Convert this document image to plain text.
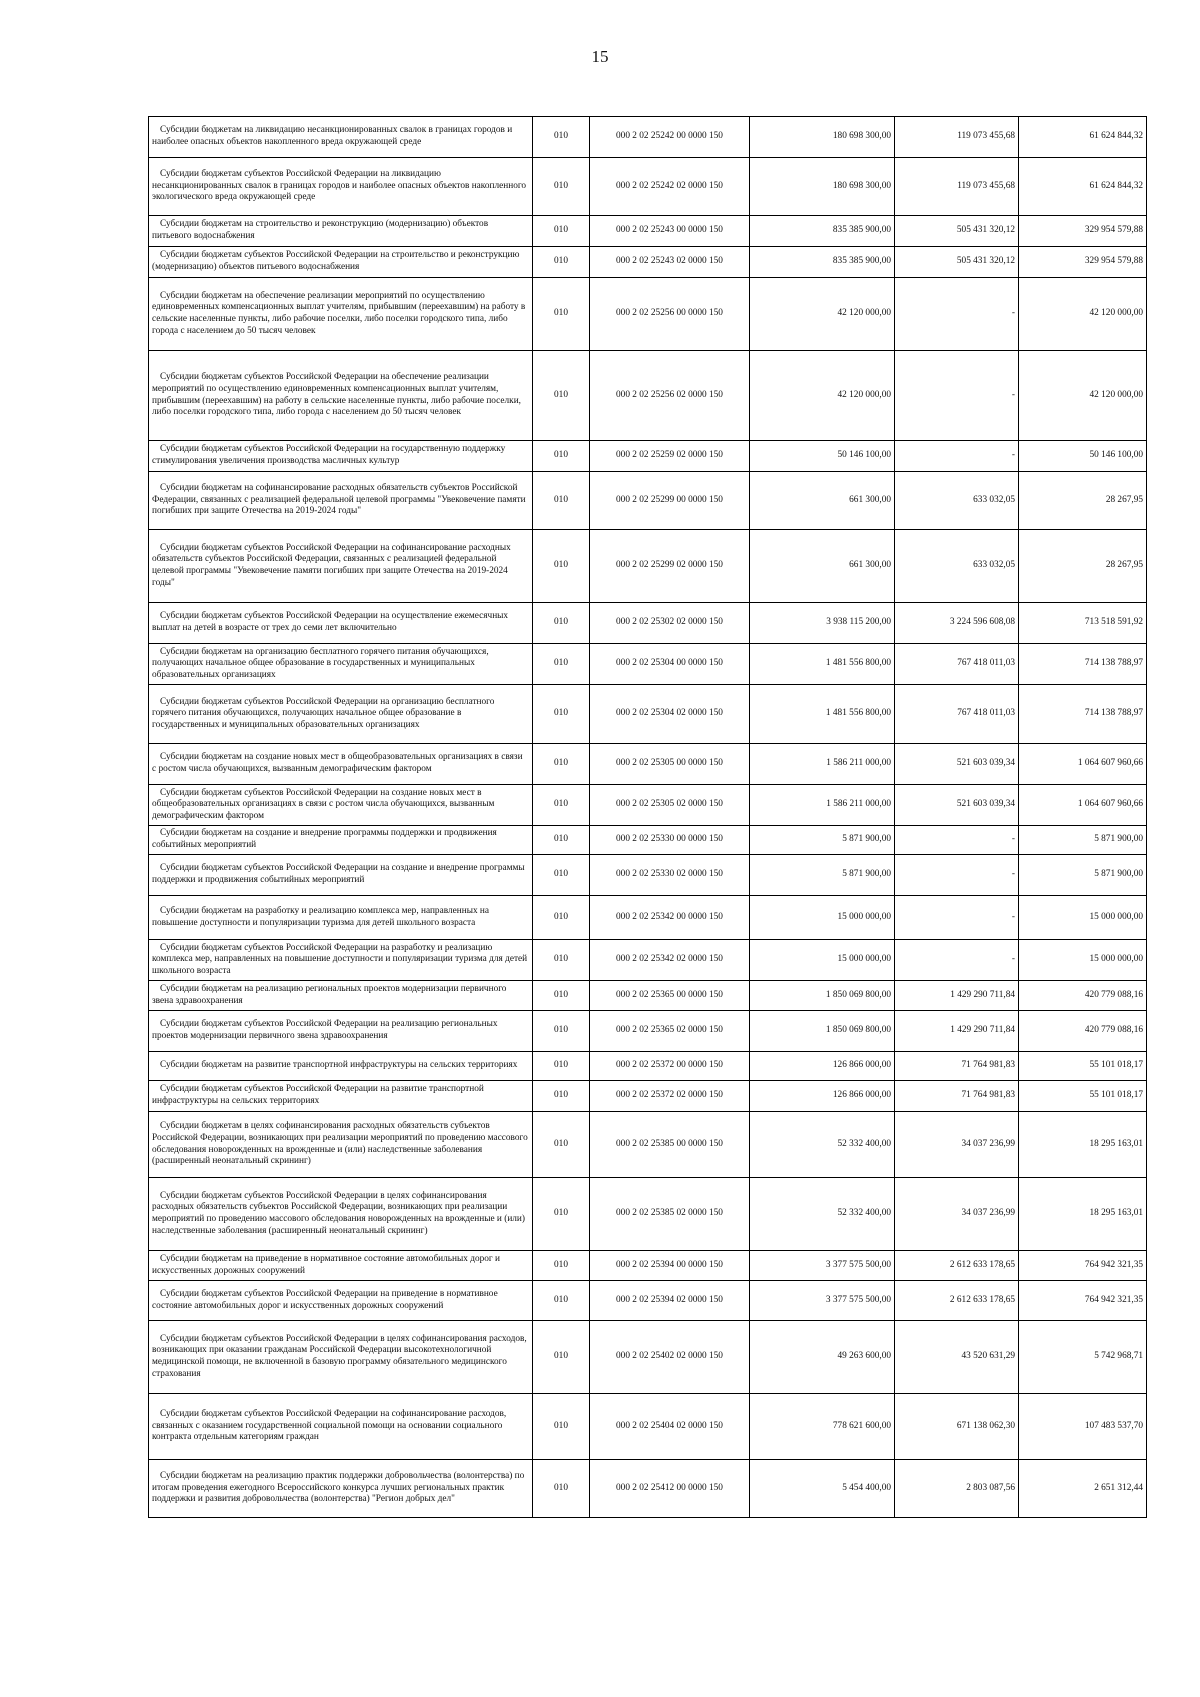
15
Субсидии бюджетам на ликвидацию несанкционированных свалок в границах городов и наиболее опасных объектов накопленного вреда окружающей среде	010	000 2 02 25242 00 0000 150	180 698 300,00	119 073 455,68	61 624 844,32
Субсидии бюджетам субъектов Российской Федерации на ликвидацию несанкционированных свалок в границах городов и наиболее опасных объектов накопленного экологического вреда окружающей среде	010	000 2 02 25242 02 0000 150	180 698 300,00	119 073 455,68	61 624 844,32
Субсидии бюджетам на строительство и реконструкцию (модернизацию) объектов питьевого водоснабжения	010	000 2 02 25243 00 0000 150	835 385 900,00	505 431 320,12	329 954 579,88
Субсидии бюджетам субъектов Российской Федерации на строительство и реконструкцию (модернизацию) объектов питьевого водоснабжения	010	000 2 02 25243 02 0000 150	835 385 900,00	505 431 320,12	329 954 579,88
Субсидии бюджетам на обеспечение реализации мероприятий по осуществлению единовременных компенсационных выплат учителям, прибывшим (переехавшим) на работу в сельские населенные пункты, либо рабочие поселки, либо поселки городского типа, либо города с населением до 50 тысяч человек	010	000 2 02 25256 00 0000 150	42 120 000,00	-	42 120 000,00
Субсидии бюджетам субъектов Российской Федерации на обеспечение реализации мероприятий по осуществлению единовременных компенсационных выплат учителям, прибывшим (переехавшим) на работу в сельские населенные пункты, либо рабочие поселки, либо поселки городского типа, либо города с населением до 50 тысяч человек	010	000 2 02 25256 02 0000 150	42 120 000,00	-	42 120 000,00
Субсидии бюджетам субъектов Российской Федерации на государственную поддержку стимулирования увеличения производства масличных культур	010	000 2 02 25259 02 0000 150	50 146 100,00	-	50 146 100,00
Субсидии бюджетам на софинансирование расходных обязательств субъектов Российской Федерации, связанных с реализацией федеральной целевой программы "Увековечение памяти погибших при защите Отечества на 2019-2024 годы"	010	000 2 02 25299 00 0000 150	661 300,00	633 032,05	28 267,95
Субсидии бюджетам субъектов Российской Федерации на софинансирование расходных обязательств субъектов Российской Федерации, связанных с реализацией федеральной целевой программы "Увековечение памяти погибших при защите Отечества на 2019-2024 годы"	010	000 2 02 25299 02 0000 150	661 300,00	633 032,05	28 267,95
Субсидии бюджетам субъектов Российской Федерации на осуществление ежемесячных выплат на детей в возрасте от трех до семи лет включительно	010	000 2 02 25302 02 0000 150	3 938 115 200,00	3 224 596 608,08	713 518 591,92
Субсидии бюджетам на организацию бесплатного горячего питания обучающихся, получающих начальное общее образование в государственных и муниципальных образовательных организациях	010	000 2 02 25304 00 0000 150	1 481 556 800,00	767 418 011,03	714 138 788,97
Субсидии бюджетам субъектов Российской Федерации на организацию бесплатного горячего питания обучающихся, получающих начальное общее образование в государственных и муниципальных образовательных организациях	010	000 2 02 25304 02 0000 150	1 481 556 800,00	767 418 011,03	714 138 788,97
Субсидии бюджетам на создание новых мест в общеобразовательных организациях в связи с ростом числа обучающихся, вызванным демографическим фактором	010	000 2 02 25305 00 0000 150	1 586 211 000,00	521 603 039,34	1 064 607 960,66
Субсидии бюджетам субъектов Российской Федерации на создание новых мест в общеобразовательных организациях в связи с ростом числа обучающихся, вызванным демографическим фактором	010	000 2 02 25305 02 0000 150	1 586 211 000,00	521 603 039,34	1 064 607 960,66
Субсидии бюджетам на создание и внедрение программы поддержки и продвижения событийных мероприятий	010	000 2 02 25330 00 0000 150	5 871 900,00	-	5 871 900,00
Субсидии бюджетам субъектов Российской Федерации на создание и внедрение программы поддержки и продвижения событийных мероприятий	010	000 2 02 25330 02 0000 150	5 871 900,00	-	5 871 900,00
Субсидии бюджетам на разработку и реализацию комплекса мер, направленных на повышение доступности и популяризации туризма для детей школьного возраста	010	000 2 02 25342 00 0000 150	15 000 000,00	-	15 000 000,00
Субсидии бюджетам субъектов Российской Федерации на разработку и реализацию комплекса мер, направленных на повышение доступности и популяризации туризма для детей школьного возраста	010	000 2 02 25342 02 0000 150	15 000 000,00	-	15 000 000,00
Субсидии бюджетам на реализацию региональных проектов модернизации первичного звена здравоохранения	010	000 2 02 25365 00 0000 150	1 850 069 800,00	1 429 290 711,84	420 779 088,16
Субсидии бюджетам субъектов Российской Федерации на реализацию региональных проектов модернизации первичного звена здравоохранения	010	000 2 02 25365 02 0000 150	1 850 069 800,00	1 429 290 711,84	420 779 088,16
Субсидии бюджетам на развитие транспортной инфраструктуры на сельских территориях	010	000 2 02 25372 00 0000 150	126 866 000,00	71 764 981,83	55 101 018,17
Субсидии бюджетам субъектов Российской Федерации на развитие транспортной инфраструктуры на сельских территориях	010	000 2 02 25372 02 0000 150	126 866 000,00	71 764 981,83	55 101 018,17
Субсидии бюджетам в целях софинансирования расходных обязательств субъектов Российской Федерации, возникающих при реализации мероприятий по проведению массового обследования новорожденных на врожденные и (или) наследственные заболевания (расширенный неонатальный скрининг)	010	000 2 02 25385 00 0000 150	52 332 400,00	34 037 236,99	18 295 163,01
Субсидии бюджетам субъектов Российской Федерации в целях софинансирования расходных обязательств субъектов Российской Федерации, возникающих при реализации мероприятий по проведению массового обследования новорожденных на врожденные и (или) наследственные заболевания (расширенный неонатальный скрининг)	010	000 2 02 25385 02 0000 150	52 332 400,00	34 037 236,99	18 295 163,01
Субсидии бюджетам на приведение в нормативное состояние автомобильных дорог и искусственных дорожных сооружений	010	000 2 02 25394 00 0000 150	3 377 575 500,00	2 612 633 178,65	764 942 321,35
Субсидии бюджетам субъектов Российской Федерации на приведение в нормативное состояние автомобильных дорог и искусственных дорожных сооружений	010	000 2 02 25394 02 0000 150	3 377 575 500,00	2 612 633 178,65	764 942 321,35
Субсидии бюджетам субъектов Российской Федерации в целях софинансирования расходов, возникающих при оказании гражданам Российской Федерации высокотехнологичной медицинской помощи, не включенной в базовую программу обязательного медицинского страхования	010	000 2 02 25402 02 0000 150	49 263 600,00	43 520 631,29	5 742 968,71
Субсидии бюджетам субъектов Российской Федерации на софинансирование расходов, связанных с оказанием государственной социальной помощи на основании социального контракта отдельным категориям граждан	010	000 2 02 25404 02 0000 150	778 621 600,00	671 138 062,30	107 483 537,70
Субсидии бюджетам на реализацию практик поддержки добровольчества (волонтерства) по итогам проведения ежегодного Всероссийского конкурса лучших региональных практик поддержки и развития добровольчества (волонтерства) "Регион добрых дел"	010	000 2 02 25412 00 0000 150	5 454 400,00	2 803 087,56	2 651 312,44
